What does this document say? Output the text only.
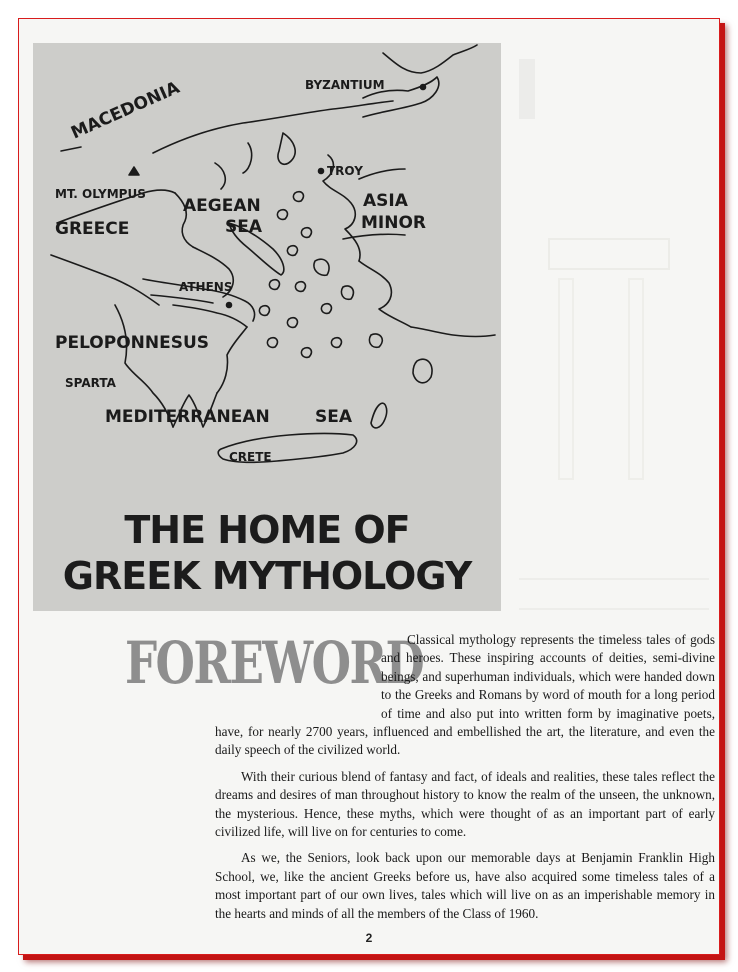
BYZANTIUM
MACEDONIA
TROY
MT. OLYMPUS
AEGEAN
SEA
ASIA
MINOR
GREECE
ATHENS
PELOPONNESUS
SPARTA
MEDITERRANEAN	SEA
CRETE
THE HOME OF
GREEK MYTHOLOGY
FOREWORD

Classical mythology represents the timeless tales of gods and heroes. These inspiring accounts of deities, semi-divine beings, and superhuman individuals, which were handed down to the Greeks and Romans by word of mouth for a long period of time and also put into written form by imaginative poets, have, for nearly 2700 years, influenced and embellished the art, the literature, and even the daily speech of the civilized world.

With their curious blend of fantasy and fact, of ideals and realities, these tales reflect the dreams and desires of man throughout history to know the realm of the unseen, the unknown, the mysterious. Hence, these myths, which were thought of as an important part of early civilized life, will live on for centuries to come.

As we, the Seniors, look back upon our memorable days at Benjamin Franklin High School, we, like the ancient Greeks before us, have also acquired some timeless tales of a most important part of our own lives, tales which will live on as an imperishable memory in the hearts and minds of all the members of the Class of 1960.

2
